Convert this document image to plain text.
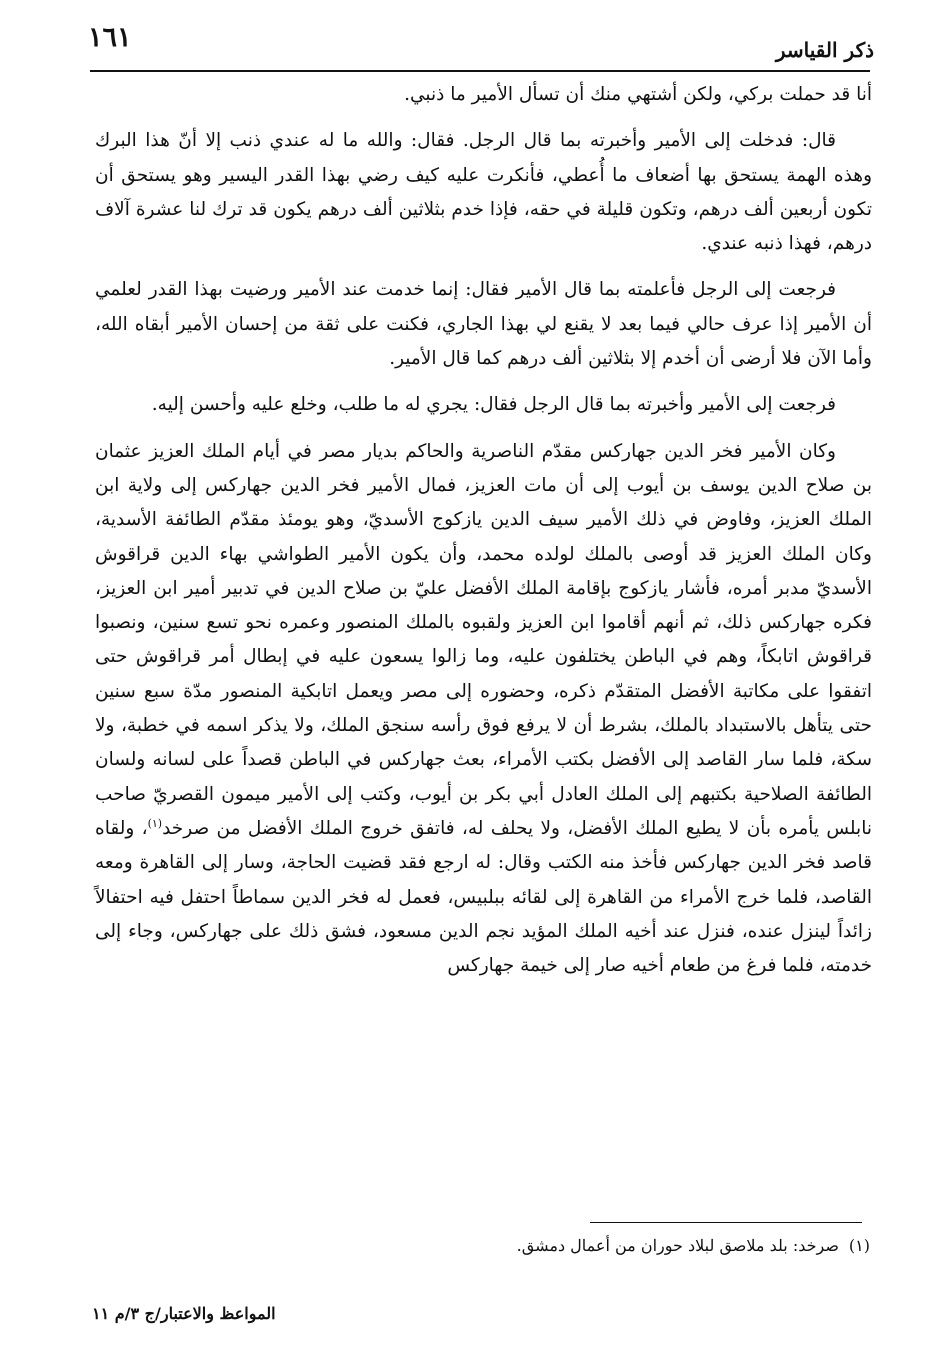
١٦١	ذكر القياسر

أنا قد حملت بركي، ولكن أشتهي منك أن تسأل الأمير ما ذنبي.

قال: فدخلت إلى الأمير وأخبرته بما قال الرجل. فقال: والله ما له عندي ذنب إلا أنّ هذا البرك وهذه الهمة يستحق بها أضعاف ما أُعطي، فأنكرت عليه كيف رضي بهذا القدر اليسير وهو يستحق أن تكون أربعين ألف درهم، وتكون قليلة في حقه، فإذا خدم بثلاثين ألف درهم يكون قد ترك لنا عشرة آلاف درهم، فهذا ذنبه عندي.

فرجعت إلى الرجل فأعلمته بما قال الأمير فقال: إنما خدمت عند الأمير ورضيت بهذا القدر لعلمي أن الأمير إذا عرف حالي فيما بعد لا يقنع لي بهذا الجاري، فكنت على ثقة من إحسان الأمير أبقاه الله، وأما الآن فلا أرضى أن أخدم إلا بثلاثين ألف درهم كما قال الأمير.

فرجعت إلى الأمير وأخبرته بما قال الرجل فقال: يجري له ما طلب، وخلع عليه وأحسن إليه.

وكان الأمير فخر الدين جهاركس مقدّم الناصرية والحاكم بديار مصر في أيام الملك العزيز عثمان بن صلاح الدين يوسف بن أيوب إلى أن مات العزيز، فمال الأمير فخر الدين جهاركس إلى ولاية ابن الملك العزيز، وفاوض في ذلك الأمير سيف الدين يازكوج الأسديّ، وهو يومئذ مقدّم الطائفة الأسدية، وكان الملك العزيز قد أوصى بالملك لولده محمد، وأن يكون الأمير الطواشي بهاء الدين قراقوش الأسديّ مدبر أمره، فأشار يازكوج بإقامة الملك الأفضل عليّ بن صلاح الدين في تدبير أمير ابن العزيز، فكره جهاركس ذلك، ثم أنهم أقاموا ابن العزيز ولقبوه بالملك المنصور وعمره نحو تسع سنين، ونصبوا قراقوش اتابكاً، وهم في الباطن يختلفون عليه، وما زالوا يسعون عليه في إبطال أمر قراقوش حتى اتفقوا على مكاتبة الأفضل المتقدّم ذكره، وحضوره إلى مصر ويعمل اتابكية المنصور مدّة سبع سنين حتى يتأهل بالاستبداد بالملك، بشرط أن لا يرفع فوق رأسه سنجق الملك، ولا يذكر اسمه في خطبة، ولا سكة، فلما سار القاصد إلى الأفضل بكتب الأمراء، بعث جهاركس في الباطن قصداً على لسانه ولسان الطائفة الصلاحية بكتبهم إلى الملك العادل أبي بكر بن أيوب، وكتب إلى الأمير ميمون القصريّ صاحب نابلس يأمره بأن لا يطيع الملك الأفضل، ولا يحلف له، فاتفق خروج الملك الأفضل من صرخد$^{(١)}$، ولقاه قاصد فخر الدين جهاركس فأخذ منه الكتب وقال: له ارجع فقد قضيت الحاجة، وسار إلى القاهرة ومعه القاصد، فلما خرج الأمراء من القاهرة إلى لقائه ببلبيس، فعمل له فخر الدين سماطاً احتفل فيه احتفالاً زائداً لينزل عنده، فنزل عند أخيه الملك المؤيد نجم الدين مسعود، فشق ذلك على جهاركس، وجاء إلى خدمته، فلما فرغ من طعام أخيه صار إلى خيمة جهاركس

(١)صرخد: بلد ملاصق لبلاد حوران من أعمال دمشق.
المواعظ والاعتبار/ج ٣/م ١١
